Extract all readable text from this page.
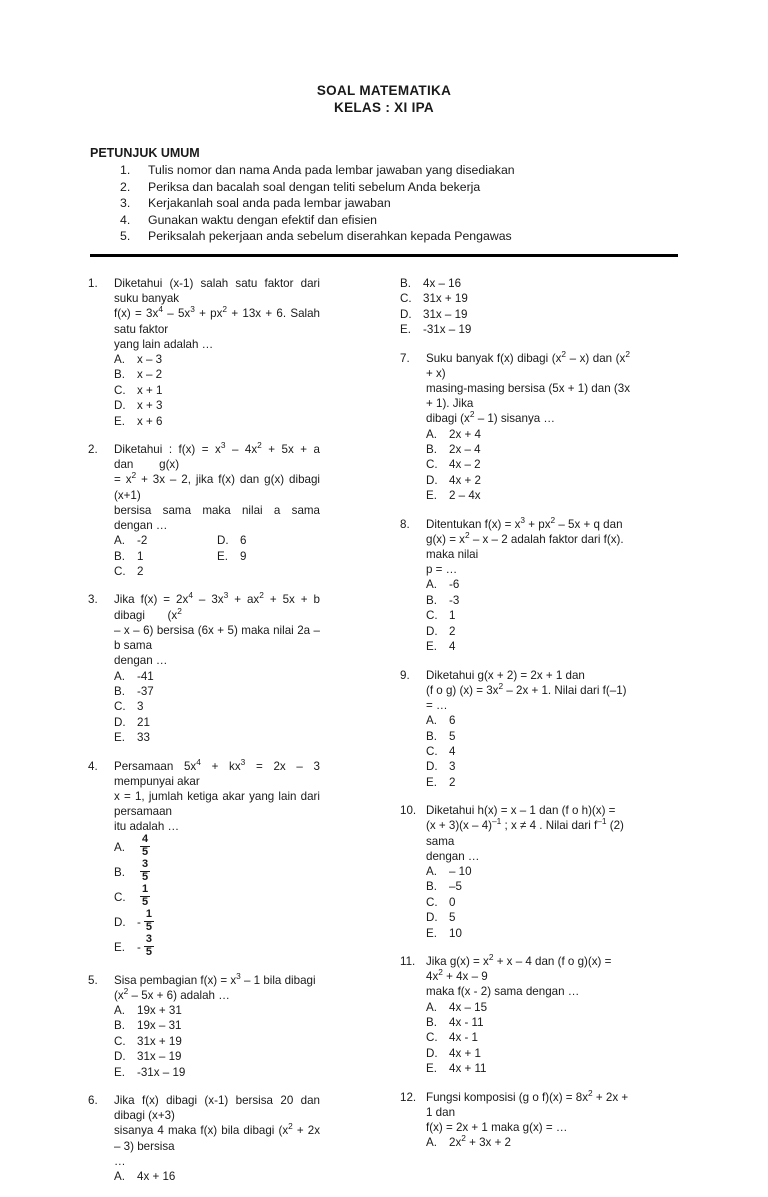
SOAL MATEMATIKA
KELAS : XI IPA
PETUNJUK UMUM
1.	Tulis nomor dan nama Anda pada lembar jawaban yang disediakan
2.	Periksa dan bacalah soal dengan teliti sebelum Anda bekerja
3.	Kerjakanlah soal anda pada lembar jawaban
4.	Gunakan waktu dengan efektif dan efisien
5.	Periksalah pekerjaan anda sebelum diserahkan kepada Pengawas
1.	Diketahui (x-1) salah satu faktor dari suku banyak
$f(x) = 3x^4 - 5x^3 + px^2 + 13x + 6$. Salah satu faktor
yang lain adalah …
A.	x – 3
B.	x – 2
C. x + 1
D. x + 3
E.	x + 6
2.	Diketahui : $f(x) = x^3 - 4x^2 + 5x + a$ dan g(x)
= $x^2 + 3x - 2$, jika f(x) dan g(x) dibagi (x+1)
bersisa sama maka nilai a sama dengan …
A.	-2
B.	1
C. 2
D. 6
E.	9
3.	Jika $f(x) = 2x^4 - 3x^3 + ax^2 + 5x + b$ dibagi ($x^2$
– x – 6) bersisa (6x + 5) maka nilai 2a – b sama
dengan …
A.	-41
B.	-37
C. 3
D. 21
E.	33
4.	Persamaan $5x^4 + kx^3 = 2x - 3$ mempunyai akar
x = 1, jumlah ketiga akar yang lain dari persamaan
itu adalah …
A.	$\frac{4}{5}$
B.	$\frac{3}{5}$
C.	$\frac{1}{5}$
D. - $\frac{1}{5}$
E.	- $\frac{3}{5}$
5.	Sisa pembagian $f(x) = x^3 - 1$ bila dibagi
$(x^2 - 5x + 6)$ adalah …
A.	19x + 31
B.	19x – 31
C. 31x + 19
D. 31x – 19
E.	-31x – 19
6.	Jika f(x) dibagi (x-1) bersisa 20 dan dibagi (x+3)
sisanya 4 maka f(x) bila dibagi $(x^2 + 2x - 3)$ bersisa
…
A.	4x + 16
B.	4x – 16
C. 31x + 19
D. 31x – 19
E.	-31x – 19
7.	Suku banyak f(x) dibagi $(x^2 - x)$ dan $(x^2 + x)$
masing-masing bersisa (5x + 1) dan (3x + 1). Jika
dibagi $(x^2 - 1)$ sisanya …
A.	2x + 4
B.	2x – 4
C. 4x – 2
D. 4x + 2
E.	2 – 4x
8.	Ditentukan $f(x) = x^3 + px^2 - 5x + q$ dan
$g(x) = x^2 - x - 2$ adalah faktor dari f(x). maka nilai
p = …
A.	-6
B.	-3
C. 1
D. 2
E.	4
9.	Diketahui g(x + 2) = 2x + 1 dan
(f o g) $(x) = 3x^2 - 2x + 1$. Nilai dari f(–1) = …
A.	6
B.	5
C. 4
D. 3
E.	2
10. Diketahui h(x) = x – 1 dan (f o h)(x) =
(x + 3)(x – 4)$^{-1}$ ; x ≠ 4 . Nilai dari $f^{-1}$ (2) sama
dengan …
A.	– 10
B.	–5
C. 0
D. 5
E.	10
11. Jika $g(x) = x^2 + x - 4$ dan (f o $g)(x) = 4x^2 + 4x - 9$
maka f(x - 2) sama dengan …
A.	4x – 15
B.	4x - 11
C. 4x - 1
D. 4x + 1
E.	4x + 11
12. Fungsi komposisi (g o $f)(x) = 8x^2 + 2x + 1$ dan
f(x) = 2x + 1 maka g(x) = …
A.	$2x^2 + 3x + 2$
